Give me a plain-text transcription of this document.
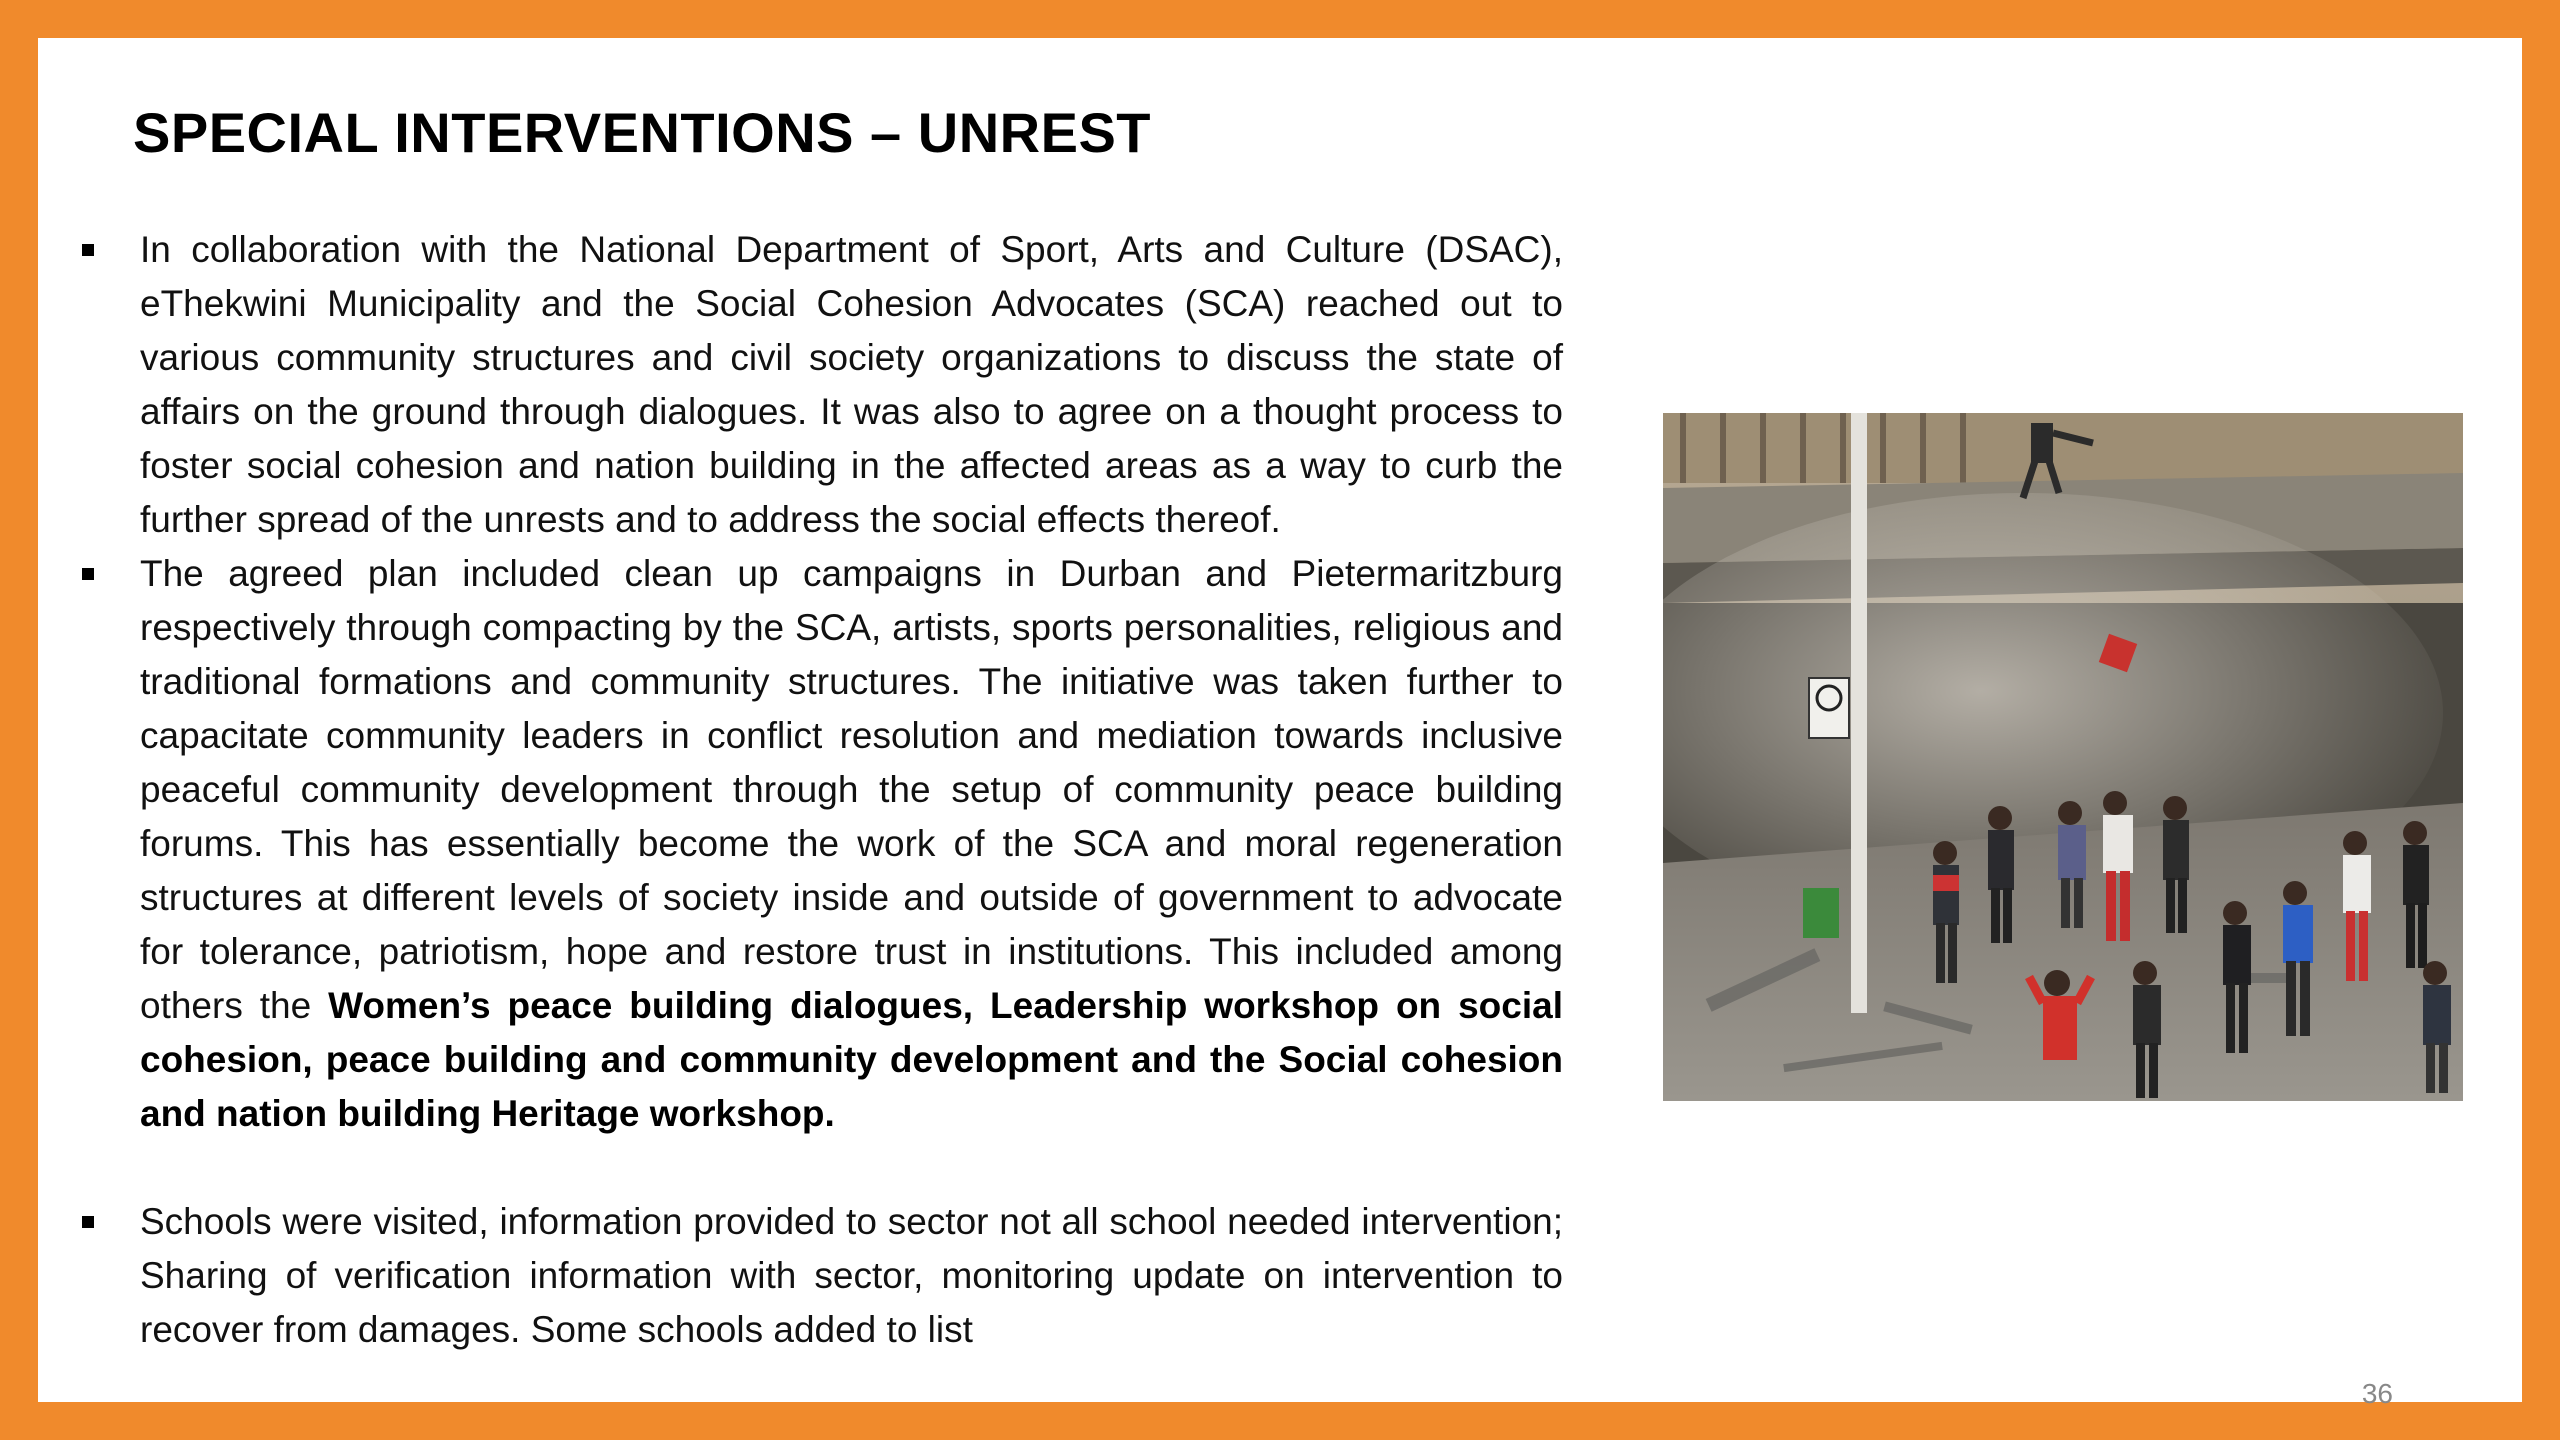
SPECIAL INTERVENTIONS – UNREST
In collaboration with the National Department of Sport, Arts and Culture (DSAC), eThekwini Municipality and the Social Cohesion Advocates (SCA) reached out to various community structures and civil society organizations to discuss the state of affairs on the ground through dialogues. It was also to agree on a thought process to foster social cohesion and nation building in the affected areas as a way to curb the further spread of the unrests and to address the social effects thereof.
The agreed plan included clean up campaigns in Durban and Pietermaritzburg respectively through compacting by the SCA, artists, sports personalities, religious and traditional formations and community structures. The initiative was taken further to capacitate community leaders in conflict resolution and mediation towards inclusive peaceful community development through the setup of community peace building forums. This has essentially become the work of the SCA and moral regeneration structures at different levels of society inside and outside of government to advocate for tolerance, patriotism, hope and restore trust in institutions. This included among others the Women’s peace building dialogues, Leadership workshop on social cohesion, peace building and community development and the Social cohesion and nation building Heritage workshop.
Schools were visited, information provided to sector not all school needed intervention; Sharing of verification information with sector, monitoring update on intervention to recover from damages. Some schools added to list
36
